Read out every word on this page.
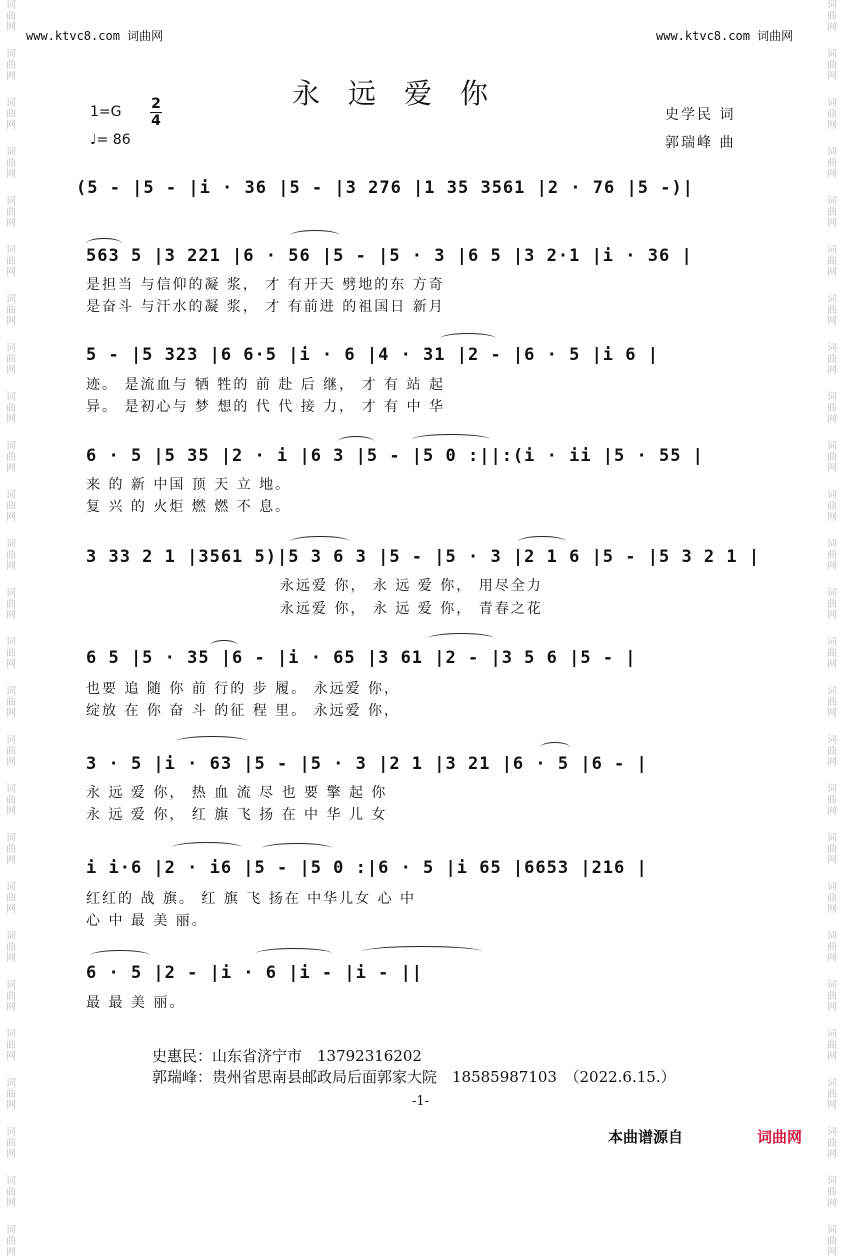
词曲网
词曲网
词曲网
词曲网
词曲网
词曲网
词曲网
词曲网
词曲网
词曲网
词曲网
词曲网
词曲网
词曲网
词曲网
词曲网
词曲网
词曲网
词曲网
词曲网
词曲网
词曲网
词曲网
词曲网
词曲网
词曲网
词曲网
词曲网
词曲网
词曲网
词曲网
词曲网
词曲网
词曲网
词曲网
词曲网
词曲网
词曲网
词曲网
词曲网
词曲网
词曲网
词曲网
词曲网
词曲网
词曲网
词曲网
词曲网
词曲网
词曲网
词曲网
词曲网
www.ktvc8.com 词曲网	www.ktvc8.com 词曲网
永远爱你
1=G 2
4
♩= 86
史学民 词
郭瑞峰 曲
(5 - |5 - |i · 36 |5 - |3 276 |1 35 3561 |2 · 76 |5 -)|
563 5 |3 221 |6 · 56 |5 - |5 · 3 |6 5 |3 2·1 |i · 36 |
是担当 与信仰的凝 浆， 才 有开天 劈地的东 方奇
是奋斗 与汗水的凝 浆， 才 有前进 的祖国日 新月
5 - |5 323 |6 6·5 |i · 6 |4 · 31 |2 - |6 · 5 |i 6 |
迹。 是流血与 牺 牲的 前 赴 后 继， 才 有 站 起
异。 是初心与 梦 想的 代 代 接 力， 才 有 中 华
6 · 5 |5 35 |2 · i |6 3 |5 - |5 0 :||:(i · ii |5 · 55 |
来 的 新 中国 顶 天 立 地。
复 兴 的 火炬 燃 燃 不 息。
3 33 2 1 |3561 5)|5 3 6 3 |5 - |5 · 3 |2 1 6 |5 - |5 3 2 1 |
永远爱 你， 永 远 爱 你， 用尽全力
永远爱 你， 永 远 爱 你， 青春之花
6 5 |5 · 35 |6 - |i · 65 |3 61 |2 - |3 5 6 |5 - |
也要 追 随 你 前 行的 步 履。 永远爱 你，
绽放 在 你 奋 斗 的征 程 里。 永远爱 你，
3 · 5 |i · 63 |5 - |5 · 3 |2 1 |3 21 |6 · 5 |6 - |
永 远 爱 你， 热 血 流 尽 也 要 擎 起 你
永 远 爱 你， 红 旗 飞 扬 在 中 华 儿 女
i i·6 |2 · i6 |5 - |5 0 :|6 · 5 |i 65 |6653 |216 |
红红的 战 旗。 红 旗 飞 扬在 中华儿女 心 中
心 中 最 美 丽。
6 · 5 |2 - |i · 6 |i - |i - ||
最 最 美 丽。
史惠民：山东省济宁市　13792316202
郭瑞峰：贵州省思南县邮政局后面郭家大院　18585987103　（2022.6.15.）
-1-
本曲谱源自	词曲网
